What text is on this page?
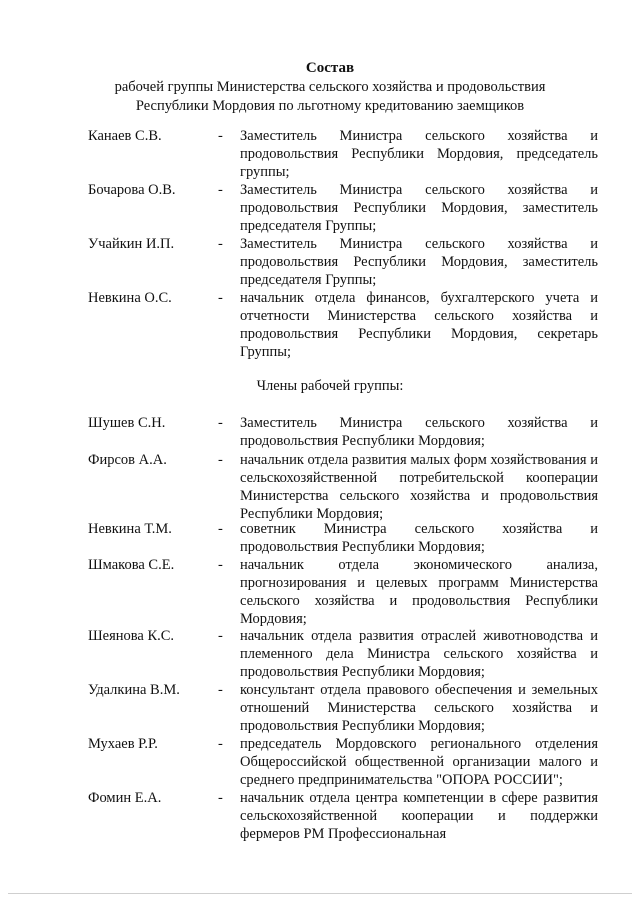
Состав
рабочей группы Министерства сельского хозяйства и продовольствия
Республики Мордовия по льготному кредитованию заемщиков
Канаев С.В.	- Заместитель Министра сельского хозяйства и продовольствия Республики Мордовия, председатель группы;
Бочарова О.В.	- Заместитель Министра сельского хозяйства и продовольствия Республики Мордовия, заместитель председателя Группы;
Учайкин И.П.	- Заместитель Министра сельского хозяйства и продовольствия Республики Мордовия, заместитель председателя Группы;
Невкина О.С.	- начальник отдела финансов, бухгалтерского учета и отчетности Министерства сельского хозяйства и продовольствия Республики Мордовия, секретарь Группы;
Члены рабочей группы:
Шушев С.Н.	- Заместитель Министра сельского хозяйства и продовольствия Республики Мордовия;
Фирсов А.А.	- начальник отдела развития малых форм хозяйствования и сельскохозяйственной потребительской кооперации Министерства сельского хозяйства и продовольствия Республики Мордовия;
Невкина Т.М.	- советник Министра сельского хозяйства и продовольствия Республики Мордовия;
Шмакова С.Е.	- начальник отдела экономического анализа, прогнозирования и целевых программ Министерства сельского хозяйства и продовольствия Республики Мордовия;
Шеянова К.С.	- начальник отдела развития отраслей животноводства и племенного дела Министра сельского хозяйства и продовольствия Республики Мордовия;
Удалкина В.М.	- консультант отдела правового обеспечения и земельных отношений Министерства сельского хозяйства и продовольствия Республики Мордовия;
Мухаев Р.Р.	- председатель Мордовского регионального отделения Общероссийской общественной организации малого и среднего предпринимательства "ОПОРА РОССИИ";
Фомин Е.А.	- начальник отдела центра компетенции в сфере развития сельскохозяйственной кооперации и поддержки фермеров РМ Профессиональная
